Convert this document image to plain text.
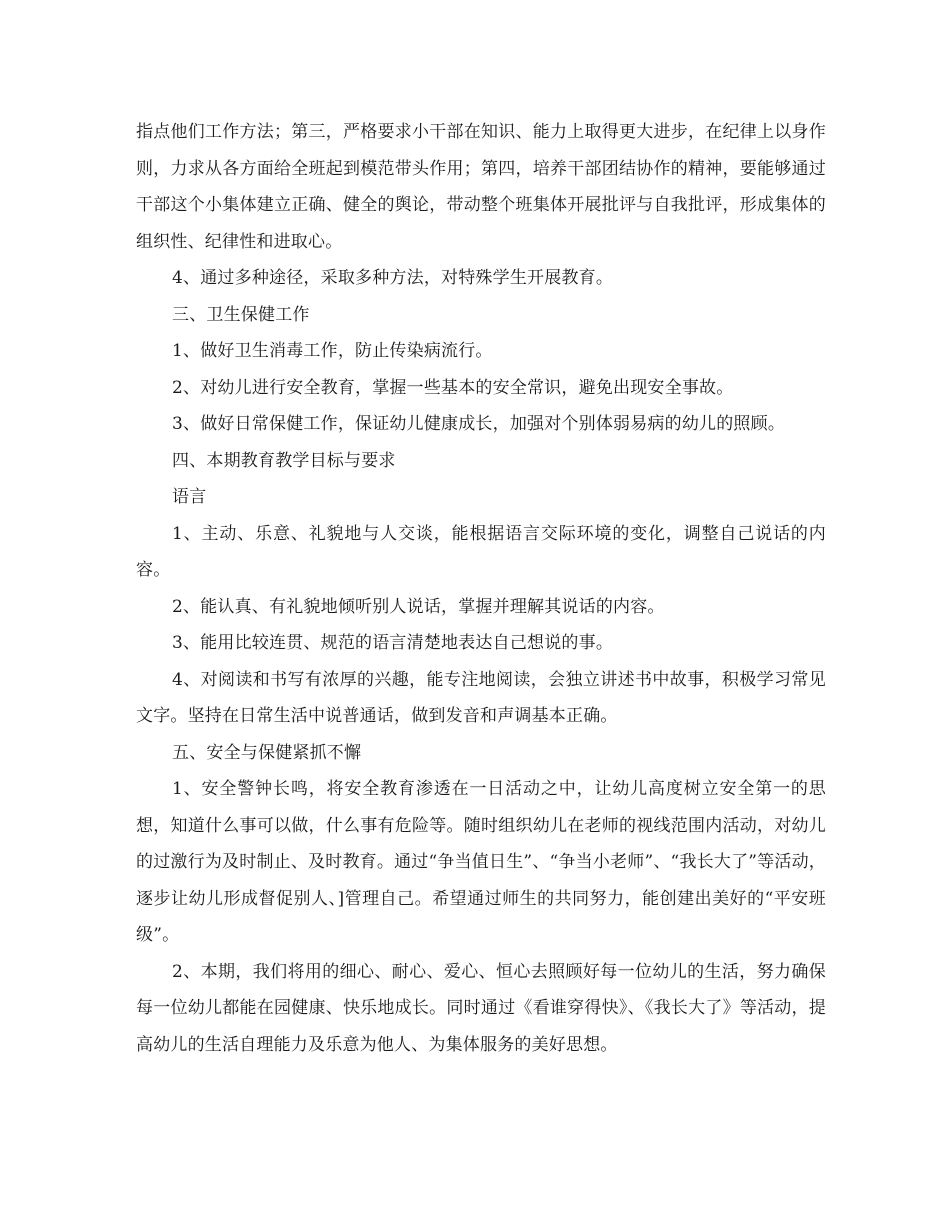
指点他们工作方法；第三，严格要求小干部在知识、能力上取得更大进步，在纪律上以身作则，力求从各方面给全班起到模范带头作用；第四，培养干部团结协作的精神，要能够通过干部这个小集体建立正确、健全的舆论，带动整个班集体开展批评与自我批评，形成集体的组织性、纪律性和进取心。

4、通过多种途径，采取多种方法，对特殊学生开展教育。

三、卫生保健工作

1、做好卫生消毒工作，防止传染病流行。

2、对幼儿进行安全教育，掌握一些基本的安全常识，避免出现安全事故。

3、做好日常保健工作，保证幼儿健康成长，加强对个别体弱易病的幼儿的照顾。

四、本期教育教学目标与要求

语言

1、主动、乐意、礼貌地与人交谈，能根据语言交际环境的变化，调整自己说话的内容。

2、能认真、有礼貌地倾听别人说话，掌握并理解其说话的内容。

3、能用比较连贯、规范的语言清楚地表达自己想说的事。

4、对阅读和书写有浓厚的兴趣，能专注地阅读，会独立讲述书中故事，积极学习常见文字。坚持在日常生活中说普通话，做到发音和声调基本正确。

五、安全与保健紧抓不懈

1、安全警钟长鸣，将安全教育渗透在一日活动之中，让幼儿高度树立安全第一的思想，知道什么事可以做，什么事有危险等。随时组织幼儿在老师的视线范围内活动，对幼儿的过激行为及时制止、及时教育。通过“争当值日生”、“争当小老师”、“我长大了”等活动，逐步让幼儿形成督促别人、]管理自己。希望通过师生的共同努力，能创建出美好的“平安班级”。

2、本期，我们将用的细心、耐心、爱心、恒心去照顾好每一位幼儿的生活，努力确保每一位幼儿都能在园健康、快乐地成长。同时通过《看谁穿得快》、《我长大了》等活动，提高幼儿的生活自理能力及乐意为他人、为集体服务的美好思想。
